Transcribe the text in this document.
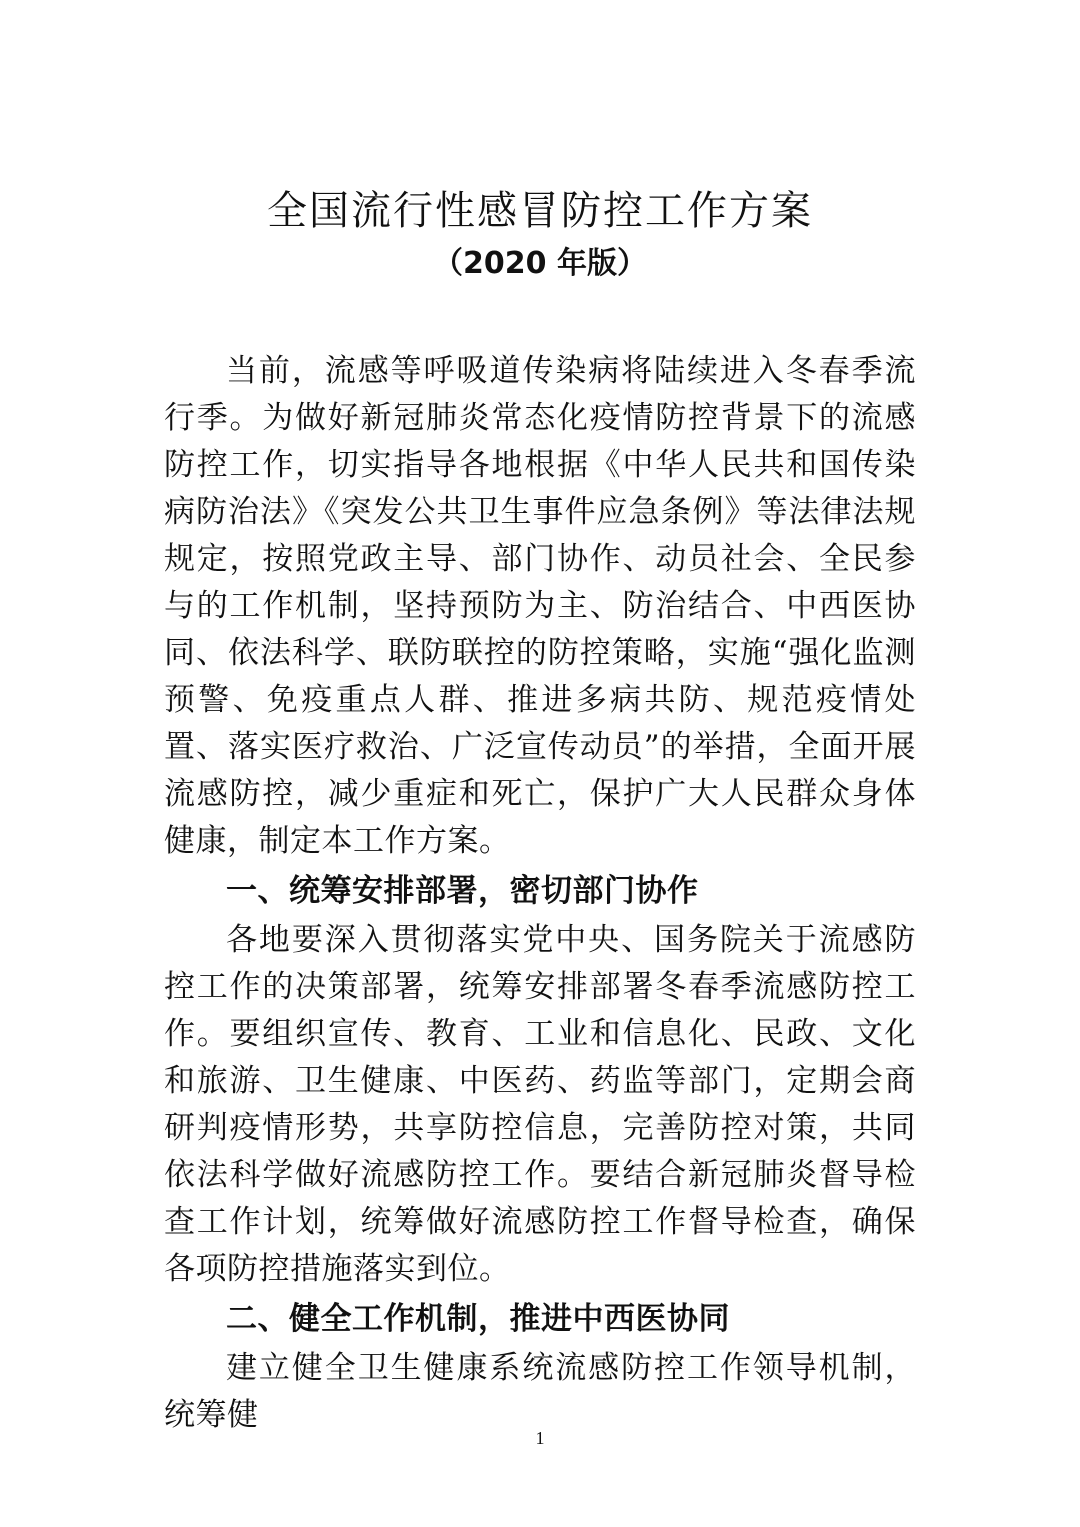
全国流行性感冒防控工作方案
（2020 年版）

当前，流感等呼吸道传染病将陆续进入冬春季流行季。为做好新冠肺炎常态化疫情防控背景下的流感防控工作，切实指导各地根据《中华人民共和国传染病防治法》《突发公共卫生事件应急条例》等法律法规规定，按照党政主导、部门协作、动员社会、全民参与的工作机制，坚持预防为主、防治结合、中西医协同、依法科学、联防联控的防控策略，实施“强化监测预警、免疫重点人群、推进多病共防、规范疫情处置、落实医疗救治、广泛宣传动员”的举措，全面开展流感防控，减少重症和死亡，保护广大人民群众身体健康，制定本工作方案。

一、统筹安排部署，密切部门协作

各地要深入贯彻落实党中央、国务院关于流感防控工作的决策部署，统筹安排部署冬春季流感防控工作。要组织宣传、教育、工业和信息化、民政、文化和旅游、卫生健康、中医药、药监等部门，定期会商研判疫情形势，共享防控信息，完善防控对策，共同依法科学做好流感防控工作。要结合新冠肺炎督导检查工作计划，统筹做好流感防控工作督导检查，确保各项防控措施落实到位。

二、健全工作机制，推进中西医协同

建立健全卫生健康系统流感防控工作领导机制，统筹健

1
